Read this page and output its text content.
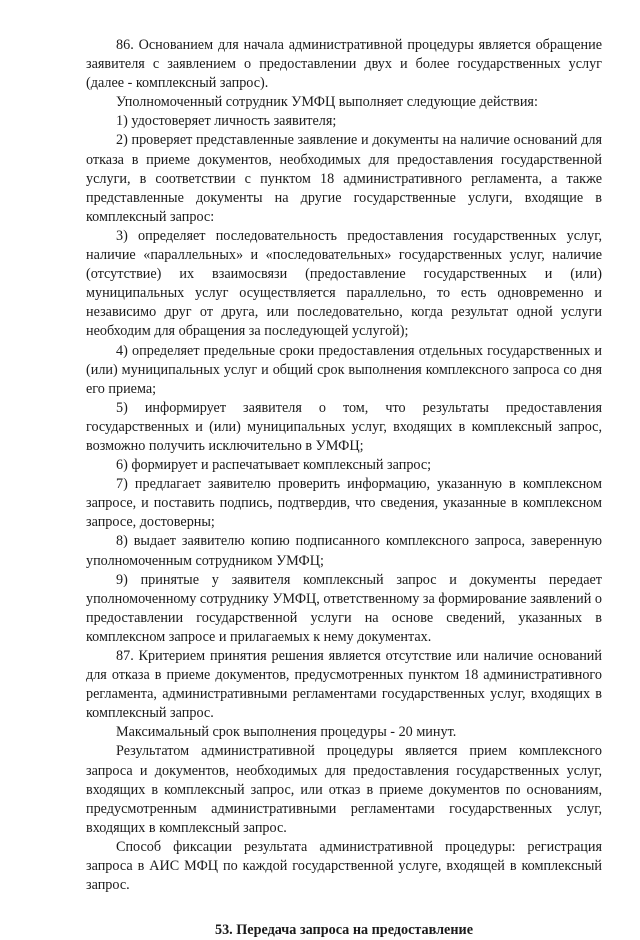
86. Основанием для начала административной процедуры является обращение заявителя с заявлением о предоставлении двух и более государственных услуг (далее - комплексный запрос).

Уполномоченный сотрудник УМФЦ выполняет следующие действия:

1) удостоверяет личность заявителя;

2) проверяет представленные заявление и документы на наличие оснований для отказа в приеме документов, необходимых для предоставления государственной услуги, в соответствии с пунктом 18 административного регламента, а также представленные документы на другие государственные услуги, входящие в комплексный запрос:

3) определяет последовательность предоставления государственных услуг, наличие «параллельных» и «последовательных» государственных услуг, наличие (отсутствие) их взаимосвязи (предоставление государственных и (или) муниципальных услуг осуществляется параллельно, то есть одновременно и независимо друг от друга, или последовательно, когда результат одной услуги необходим для обращения за последующей услугой);

4) определяет предельные сроки предоставления отдельных государственных и (или) муниципальных услуг и общий срок выполнения комплексного запроса со дня его приема;

5) информирует заявителя о том, что результаты предоставления государственных и (или) муниципальных услуг, входящих в комплексный запрос, возможно получить исключительно в УМФЦ;

6) формирует и распечатывает комплексный запрос;

7) предлагает заявителю проверить информацию, указанную в комплексном запросе, и поставить подпись, подтвердив, что сведения, указанные в комплексном запросе, достоверны;

8) выдает заявителю копию подписанного комплексного запроса, заверенную уполномоченным сотрудником УМФЦ;

9) принятые у заявителя комплексный запрос и документы передает уполномоченному сотруднику УМФЦ, ответственному за формирование заявлений о предоставлении государственной услуги на основе сведений, указанных в комплексном запросе и прилагаемых к нему документах.

87. Критерием принятия решения является отсутствие или наличие оснований для отказа в приеме документов, предусмотренных пунктом 18 административного регламента, административными регламентами государственных услуг, входящих в комплексный запрос.

Максимальный срок выполнения процедуры - 20 минут.

Результатом административной процедуры является прием комплексного запроса и документов, необходимых для предоставления государственных услуг, входящих в комплексный запрос, или отказ в приеме документов по основаниям, предусмотренным административными регламентами государственных услуг, входящих в комплексный запрос.

Способ фиксации результата административной процедуры: регистрация запроса в АИС МФЦ по каждой государственной услуге, входящей в комплексный запрос.

53. Передача запроса на предоставление
